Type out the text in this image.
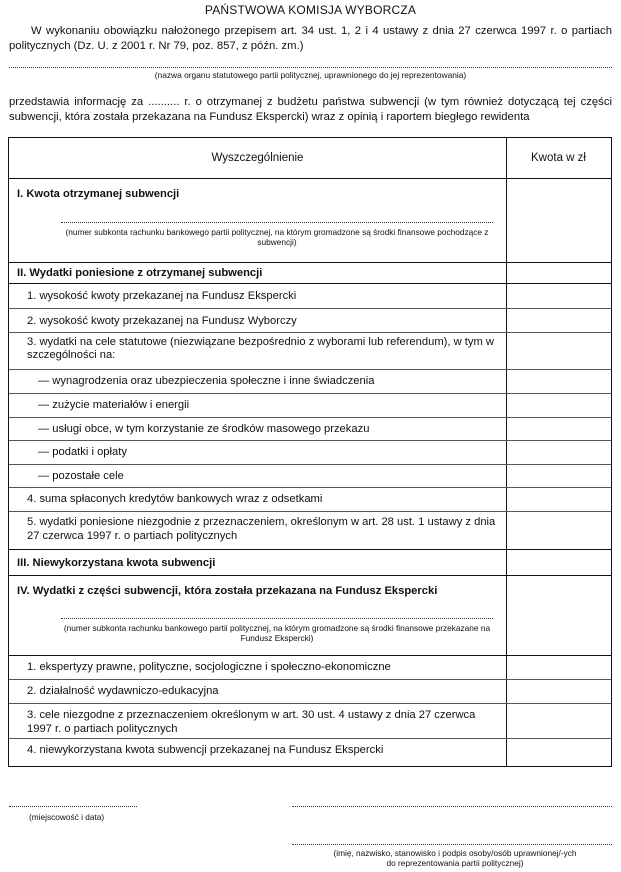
PAŃSTWOWA KOMISJA WYBORCZA
W wykonaniu obowiązku nałożonego przepisem art. 34 ust. 1, 2 i 4 ustawy z dnia 27 czerwca 1997 r. o partiach politycznych (Dz. U. z 2001 r. Nr 79, poz. 857, z późn. zm.)
(nazwa organu statutowego partii politycznej, uprawnionego do jej reprezentowania)
przedstawia informację za .......... r. o otrzymanej z budżetu państwa subwencji (w tym również dotyczącą tej części subwencji, która została przekazana na Fundusz Ekspercki) wraz z opinią i raportem biegłego rewidenta
Wyszczególnienie	Kwota w zł
I. Kwota otrzymanej subwencji
(numer subkonta rachunku bankowego partii politycznej, na którym gromadzone są środki finansowe pochodzące z subwencji)
II. Wydatki poniesione z otrzymanej subwencji
1. wysokość kwoty przekazanej na Fundusz Ekspercki
2. wysokość kwoty przekazanej na Fundusz Wyborczy
3. wydatki na cele statutowe (niezwiązane bezpośrednio z wyborami lub referendum), w tym w szczególności na:
— wynagrodzenia oraz ubezpieczenia społeczne i inne świadczenia
— zużycie materiałów i energii
— usługi obce, w tym korzystanie ze środków masowego przekazu
— podatki i opłaty
— pozostałe cele
4. suma spłaconych kredytów bankowych wraz z odsetkami
5. wydatki poniesione niezgodnie z przeznaczeniem, określonym w art. 28 ust. 1 ustawy z dnia 27 czerwca 1997 r. o partiach politycznych
III. Niewykorzystana kwota subwencji
IV. Wydatki z części subwencji, która została przekazana na Fundusz Ekspercki
(numer subkonta rachunku bankowego partii politycznej, na którym gromadzone są środki finansowe przekazane na Fundusz Ekspercki)
1. ekspertyzy prawne, polityczne, socjologiczne i społeczno-ekonomiczne
2. działalność wydawniczo-edukacyjna
3. cele niezgodne z przeznaczeniem określonym w art. 30 ust. 4 ustawy z dnia 27 czerwca 1997 r. o partiach politycznych
4. niewykorzystana kwota subwencji przekazanej na Fundusz Ekspercki
(miejscowość i data)
(imię, nazwisko, stanowisko i podpis osoby/osób uprawnionej/-ych do reprezentowania partii politycznej)
